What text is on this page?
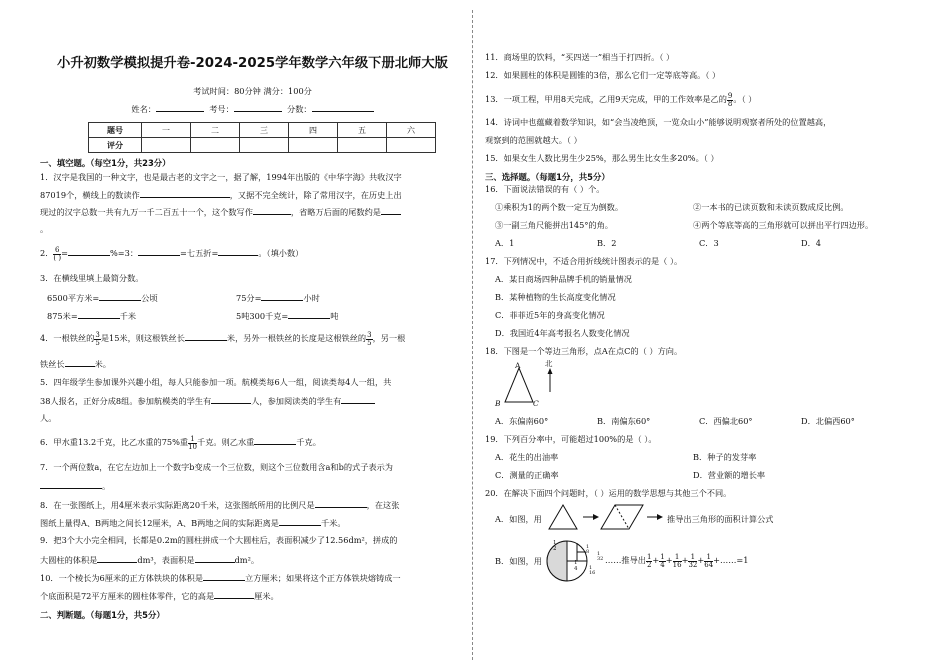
小升初数学模拟提升卷-2024-2025学年数学六年级下册北师大版
考试时间：80分钟 满分：100分
姓名：	考号：	分数：
题号	一	二	三	四	五	六
评分						
一、填空题。（每空1分，共23分）
1．汉字是我国的一种文字，也是最古老的文字之一，据了解，1994年出版的《中华字海》共收汉字
87019个，横线上的数读作	，又据不完全统计，除了常用汉字，在历史上出
现过的汉字总数一共有九万一千二百五十一个，这个数写作	，省略万后面的尾数约是
。
2． $\frac{6}{( )}$ =	%=3：	=七五折=	。（填小数）
3．在横线里填上最简分数。
6500平方米=	公顷	75分=	小时
875米=	千米	5吨300千克=	吨
4．一根铁丝的 $\frac{3}{5}$ 是15米，则这根铁丝长	米，另外一根铁丝的长度是这根铁丝的 $\frac{3}{5}$ ，另一根
铁丝长	米。
5．四年级学生参加课外兴趣小组，每人只能参加一项。航模类每6人一组，阅读类每4人一组，共
38人报名，正好分成8组。参加航模类的学生有	人，参加阅读类的学生有
人。
6．甲水重13.2千克，比乙水重的75%重 $\frac{1}{10}$ 千克。则乙水重	千克。
7．一个两位数a，在它左边加上一个数字b变成一个三位数，则这个三位数用含a和b的式子表示为
。
8．在一张图纸上，用4厘米表示实际距离20千米，这张图纸所用的比例尺是	，在这张
图纸上量得A、B两地之间长12厘米，A、B两地之间的实际距离是	千米。
9．把3个大小完全相同，长都是0.2m的圆柱拼成一个大圆柱后，表面积减少了12.56dm²，拼成的
大圆柱的体积是	dm³，表面积是	dm²。
10．一个棱长为6厘米的正方体铁块的体积是	立方厘米；如果将这个正方体铁块熔铸成一
个底面积是72平方厘米的圆柱体零件，它的高是	厘米。
二、判断题。（每题1分，共5分）
11．商场里的饮料，“买四送一”相当于打四折。（ ）
12．如果圆柱的体积是圆锥的3倍，那么它们一定等底等高。（ ）
13．一项工程，甲用8天完成，乙用9天完成，甲的工作效率是乙的 $\frac{9}{8}$ 。（ ）
14．诗词中也蕴藏着数学知识，如“会当凌绝顶，一览众山小”能够说明观察者所处的位置越高，
观察到的范围就越大。（ ）
15．如果女生人数比男生少25%，那么男生比女生多20%。（ ）
三、选择题。（每题1分，共5分）
16．下面说法错误的有（ ）个。
①乘积为1的两个数一定互为倒数。	②一本书的已读页数和未读页数成反比例。
③一副三角尺能拼出145°的角。	④两个等底等高的三角形就可以拼出平行四边形。
A．1	B．2	C．3	D．4
17．下列情况中，不适合用折线统计图表示的是（ ）。
A．某日商场四种品牌手机的销量情况
B．某种植物的生长高度变化情况
C．菲菲近5年的身高变化情况
D．我国近4年高考报名人数变化情况
18．下图是一个等边三角形，点A在点C的（ ）方向。
A
B	C
北
A．东偏南60°	B．南偏东60°	C．西偏北60°	D．北偏西60°
19．下列百分率中，可能超过100%的是（ ）。
A．花生的出油率	B．种子的发芽率
C．测量的正确率	D．营业额的增长率
20．在解决下面四个问题时，（ ）运用的数学思想与其他三个不同。
A．如图，用	推导出三角形的面积计算公式
B．如图，用
1
2
1
4
1
8
1
16
1
32 ……推导出 $\frac{1}{2} + \frac{1}{4} + \frac{1}{16} + \frac{1}{32} + \frac{1}{64}$ +……=1
